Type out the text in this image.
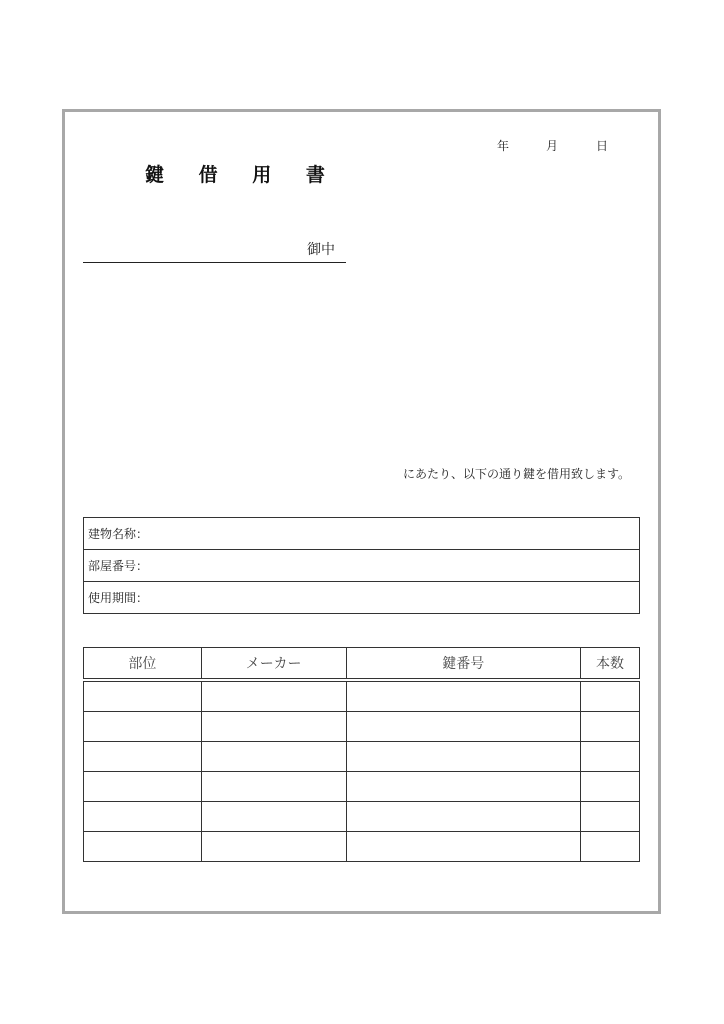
鍵 借 用 書
年	月	日
御中
にあたり、以下の通り鍵を借用致します。
建物名称：
部屋番号：
使用期間：
部位	メーカー	鍵番号	本数
